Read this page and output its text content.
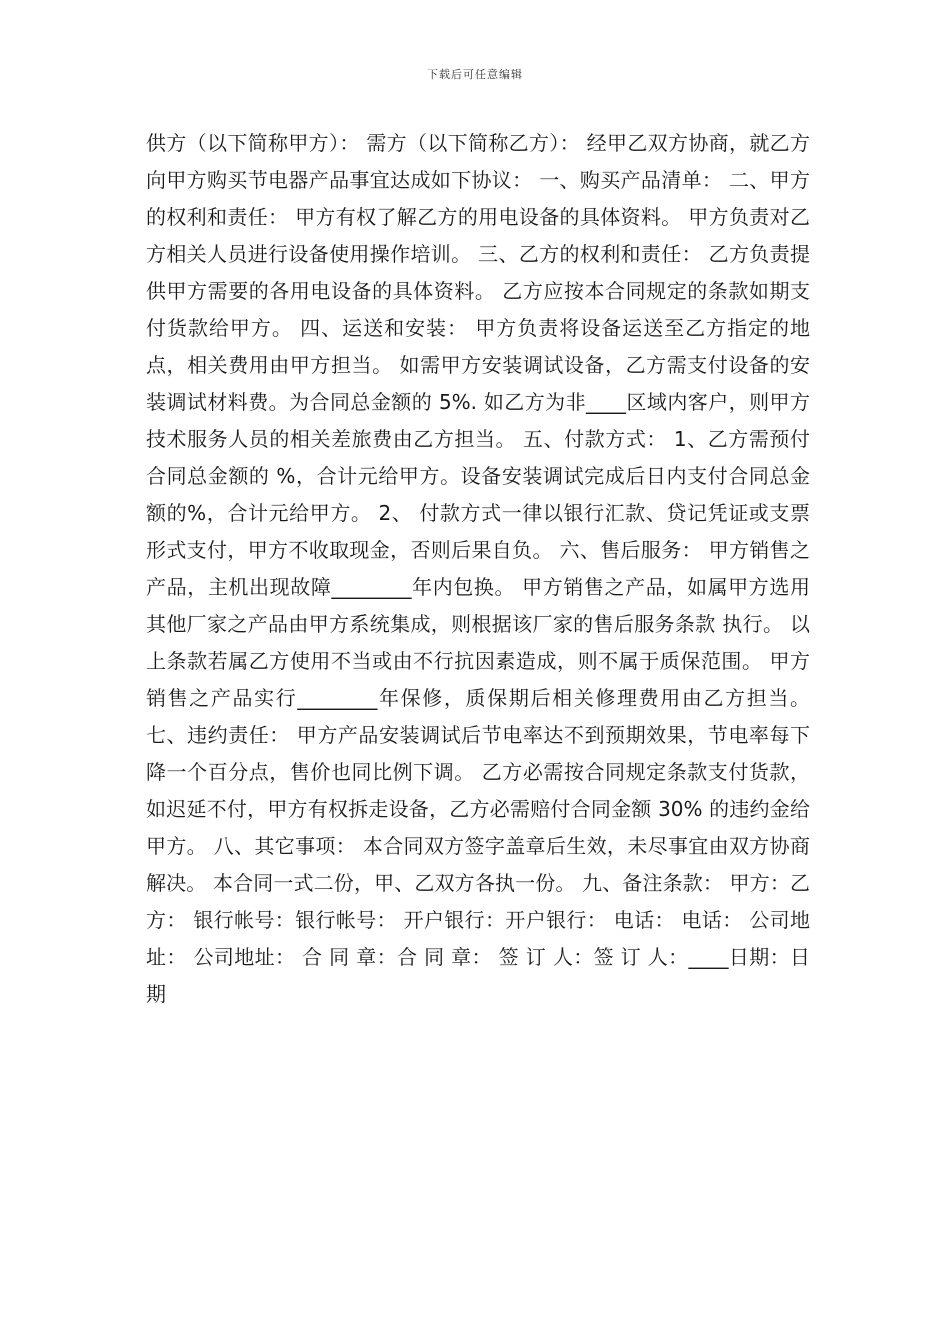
下载后可任意编辑
供方（以下简称甲方）： 需方（以下简称乙方）： 经甲乙双方协商，就乙方向甲方购买节电器产品事宜达成如下协议： 一、购买产品清单： 二、甲方的权利和责任： 甲方有权了解乙方的用电设备的具体资料。 甲方负责对乙方相关人员进行设备使用操作培训。 三、乙方的权利和责任： 乙方负责提供甲方需要的各用电设备的具体资料。 乙方应按本合同规定的条款如期支付货款给甲方。 四、运送和安装： 甲方负责将设备运送至乙方指定的地点，相关费用由甲方担当。 如需甲方安装调试设备，乙方需支付设备的安装调试材料费。为合同总金额的 5%. 如乙方为非____区域内客户，则甲方技术服务人员的相关差旅费由乙方担当。 五、付款方式： 1、乙方需预付合同总金额的 %，合计元给甲方。设备安装调试完成后日内支付合同总金额的%，合计元给甲方。 2、 付款方式一律以银行汇款、贷记凭证或支票形式支付，甲方不收取现金，否则后果自负。 六、售后服务： 甲方销售之产品，主机出现故障________年内包换。 甲方销售之产品，如属甲方选用其他厂家之产品由甲方系统集成，则根据该厂家的售后服务条款 执行。 以上条款若属乙方使用不当或由不行抗因素造成，则不属于质保范围。 甲方销售之产品实行________年保修，质保期后相关修理费用由乙方担当。 七、违约责任： 甲方产品安装调试后节电率达不到预期效果，节电率每下降一个百分点，售价也同比例下调。 乙方必需按合同规定条款支付货款，如迟延不付，甲方有权拆走设备，乙方必需赔付合同金额 30% 的违约金给甲方。 八、其它事项： 本合同双方签字盖章后生效，未尽事宜由双方协商解决。 本合同一式二份，甲、乙双方各执一份。 九、备注条款： 甲方：乙方： 银行帐号：银行帐号： 开户银行：开户银行： 电话： 电话： 公司地址： 公司地址： 合 同 章：合 同 章： 签 订 人：签 订 人：____日期：日期
